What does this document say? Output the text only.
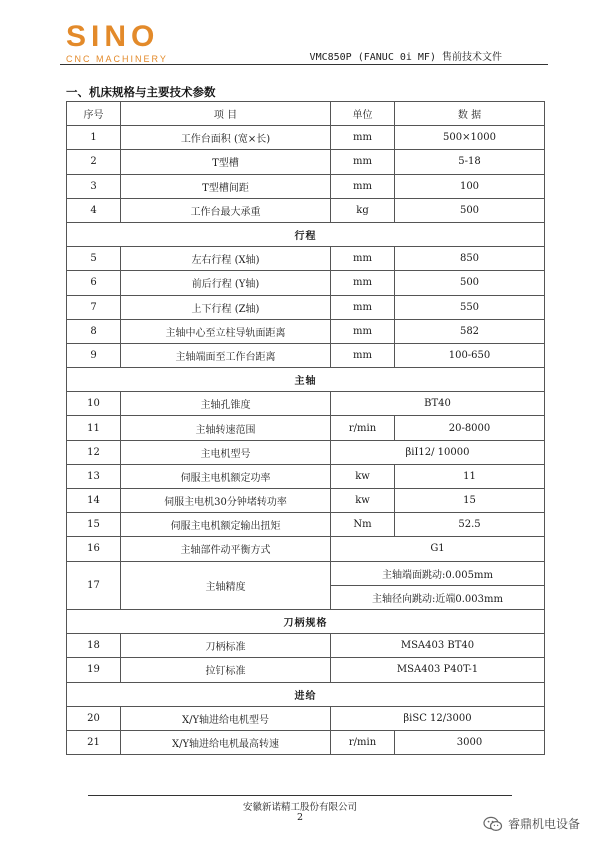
SINO
CNC MACHINERY	VMC850P (FANUC 0i MF) 售前技术文件
一、机床规格与主要技术参数
序号	项 目	单位	数 据
1	工作台面积 (宽×长)	mm	500×1000
2	T型槽	mm	5-18
3	T型槽间距	mm	100
4	工作台最大承重	kg	500
行程			
5	左右行程 (X轴)	mm	850
6	前后行程 (Y轴)	mm	500
7	上下行程 (Z轴)	mm	550
8	主轴中心至立柱导轨面距离	mm	582
9	主轴端面至工作台距离	mm	100-650
主轴			
10	主轴孔锥度	BT40	
11	主轴转速范围	r/min	20-8000
12	主电机型号	βiI12/ 10000	
13	伺服主电机额定功率	kw	11
14	伺服主电机30分钟堵转功率	kw	15
15	伺服主电机额定输出扭矩	Nm	52.5
16	主轴部件动平衡方式	G1	
17	主轴精度	主轴端面跳动:0.005mm	
		主轴径向跳动:近端0.003mm	
刀柄规格			
18	刀柄标准	MSA403 BT40	
19	拉钉标准	MSA403 P40T-1	
进给			
20	X/Y轴进给电机型号	βiSC 12/3000	
21	X/Y轴进给电机最高转速	r/min	3000
安徽新诺精工股份有限公司
2	睿鼎机电设备
